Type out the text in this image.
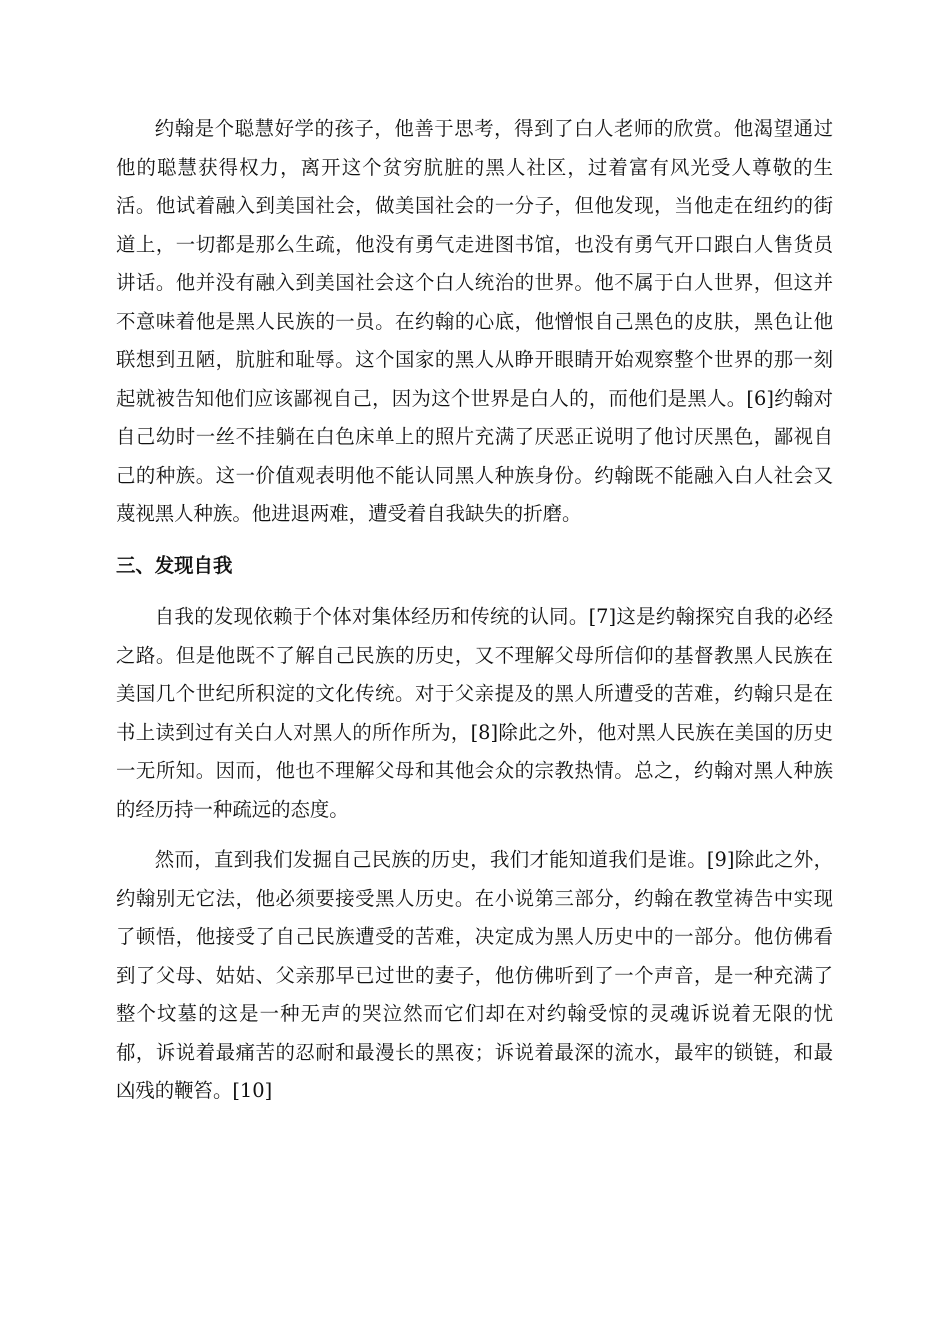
约翰是个聪慧好学的孩子，他善于思考，得到了白人老师的欣赏。他渴望通过他的聪慧获得权力，离开这个贫穷肮脏的黑人社区，过着富有风光受人尊敬的生活。他试着融入到美国社会，做美国社会的一分子，但他发现，当他走在纽约的街道上，一切都是那么生疏，他没有勇气走进图书馆，也没有勇气开口跟白人售货员讲话。他并没有融入到美国社会这个白人统治的世界。他不属于白人世界，但这并不意味着他是黑人民族的一员。在约翰的心底，他憎恨自己黑色的皮肤，黑色让他联想到丑陋，肮脏和耻辱。这个国家的黑人从睁开眼睛开始观察整个世界的那一刻起就被告知他们应该鄙视自己，因为这个世界是白人的，而他们是黑人。[6]约翰对自己幼时一丝不挂躺在白色床单上的照片充满了厌恶正说明了他讨厌黑色，鄙视自己的种族。这一价值观表明他不能认同黑人种族身份。约翰既不能融入白人社会又蔑视黑人种族。他进退两难，遭受着自我缺失的折磨。

三、发现自我

自我的发现依赖于个体对集体经历和传统的认同。[7]这是约翰探究自我的必经之路。但是他既不了解自己民族的历史，又不理解父母所信仰的基督教黑人民族在美国几个世纪所积淀的文化传统。对于父亲提及的黑人所遭受的苦难，约翰只是在书上读到过有关白人对黑人的所作所为，[8]除此之外，他对黑人民族在美国的历史一无所知。因而，他也不理解父母和其他会众的宗教热情。总之，约翰对黑人种族的经历持一种疏远的态度。

然而，直到我们发掘自己民族的历史，我们才能知道我们是谁。[9]除此之外，约翰别无它法，他必须要接受黑人历史。在小说第三部分，约翰在教堂祷告中实现了顿悟，他接受了自己民族遭受的苦难，决定成为黑人历史中的一部分。他仿佛看到了父母、姑姑、父亲那早已过世的妻子，他仿佛听到了一个声音，是一种充满了整个坟墓的这是一种无声的哭泣然而它们却在对约翰受惊的灵魂诉说着无限的忧郁，诉说着最痛苦的忍耐和最漫长的黑夜；诉说着最深的流水，最牢的锁链，和最凶残的鞭笞。[10]
